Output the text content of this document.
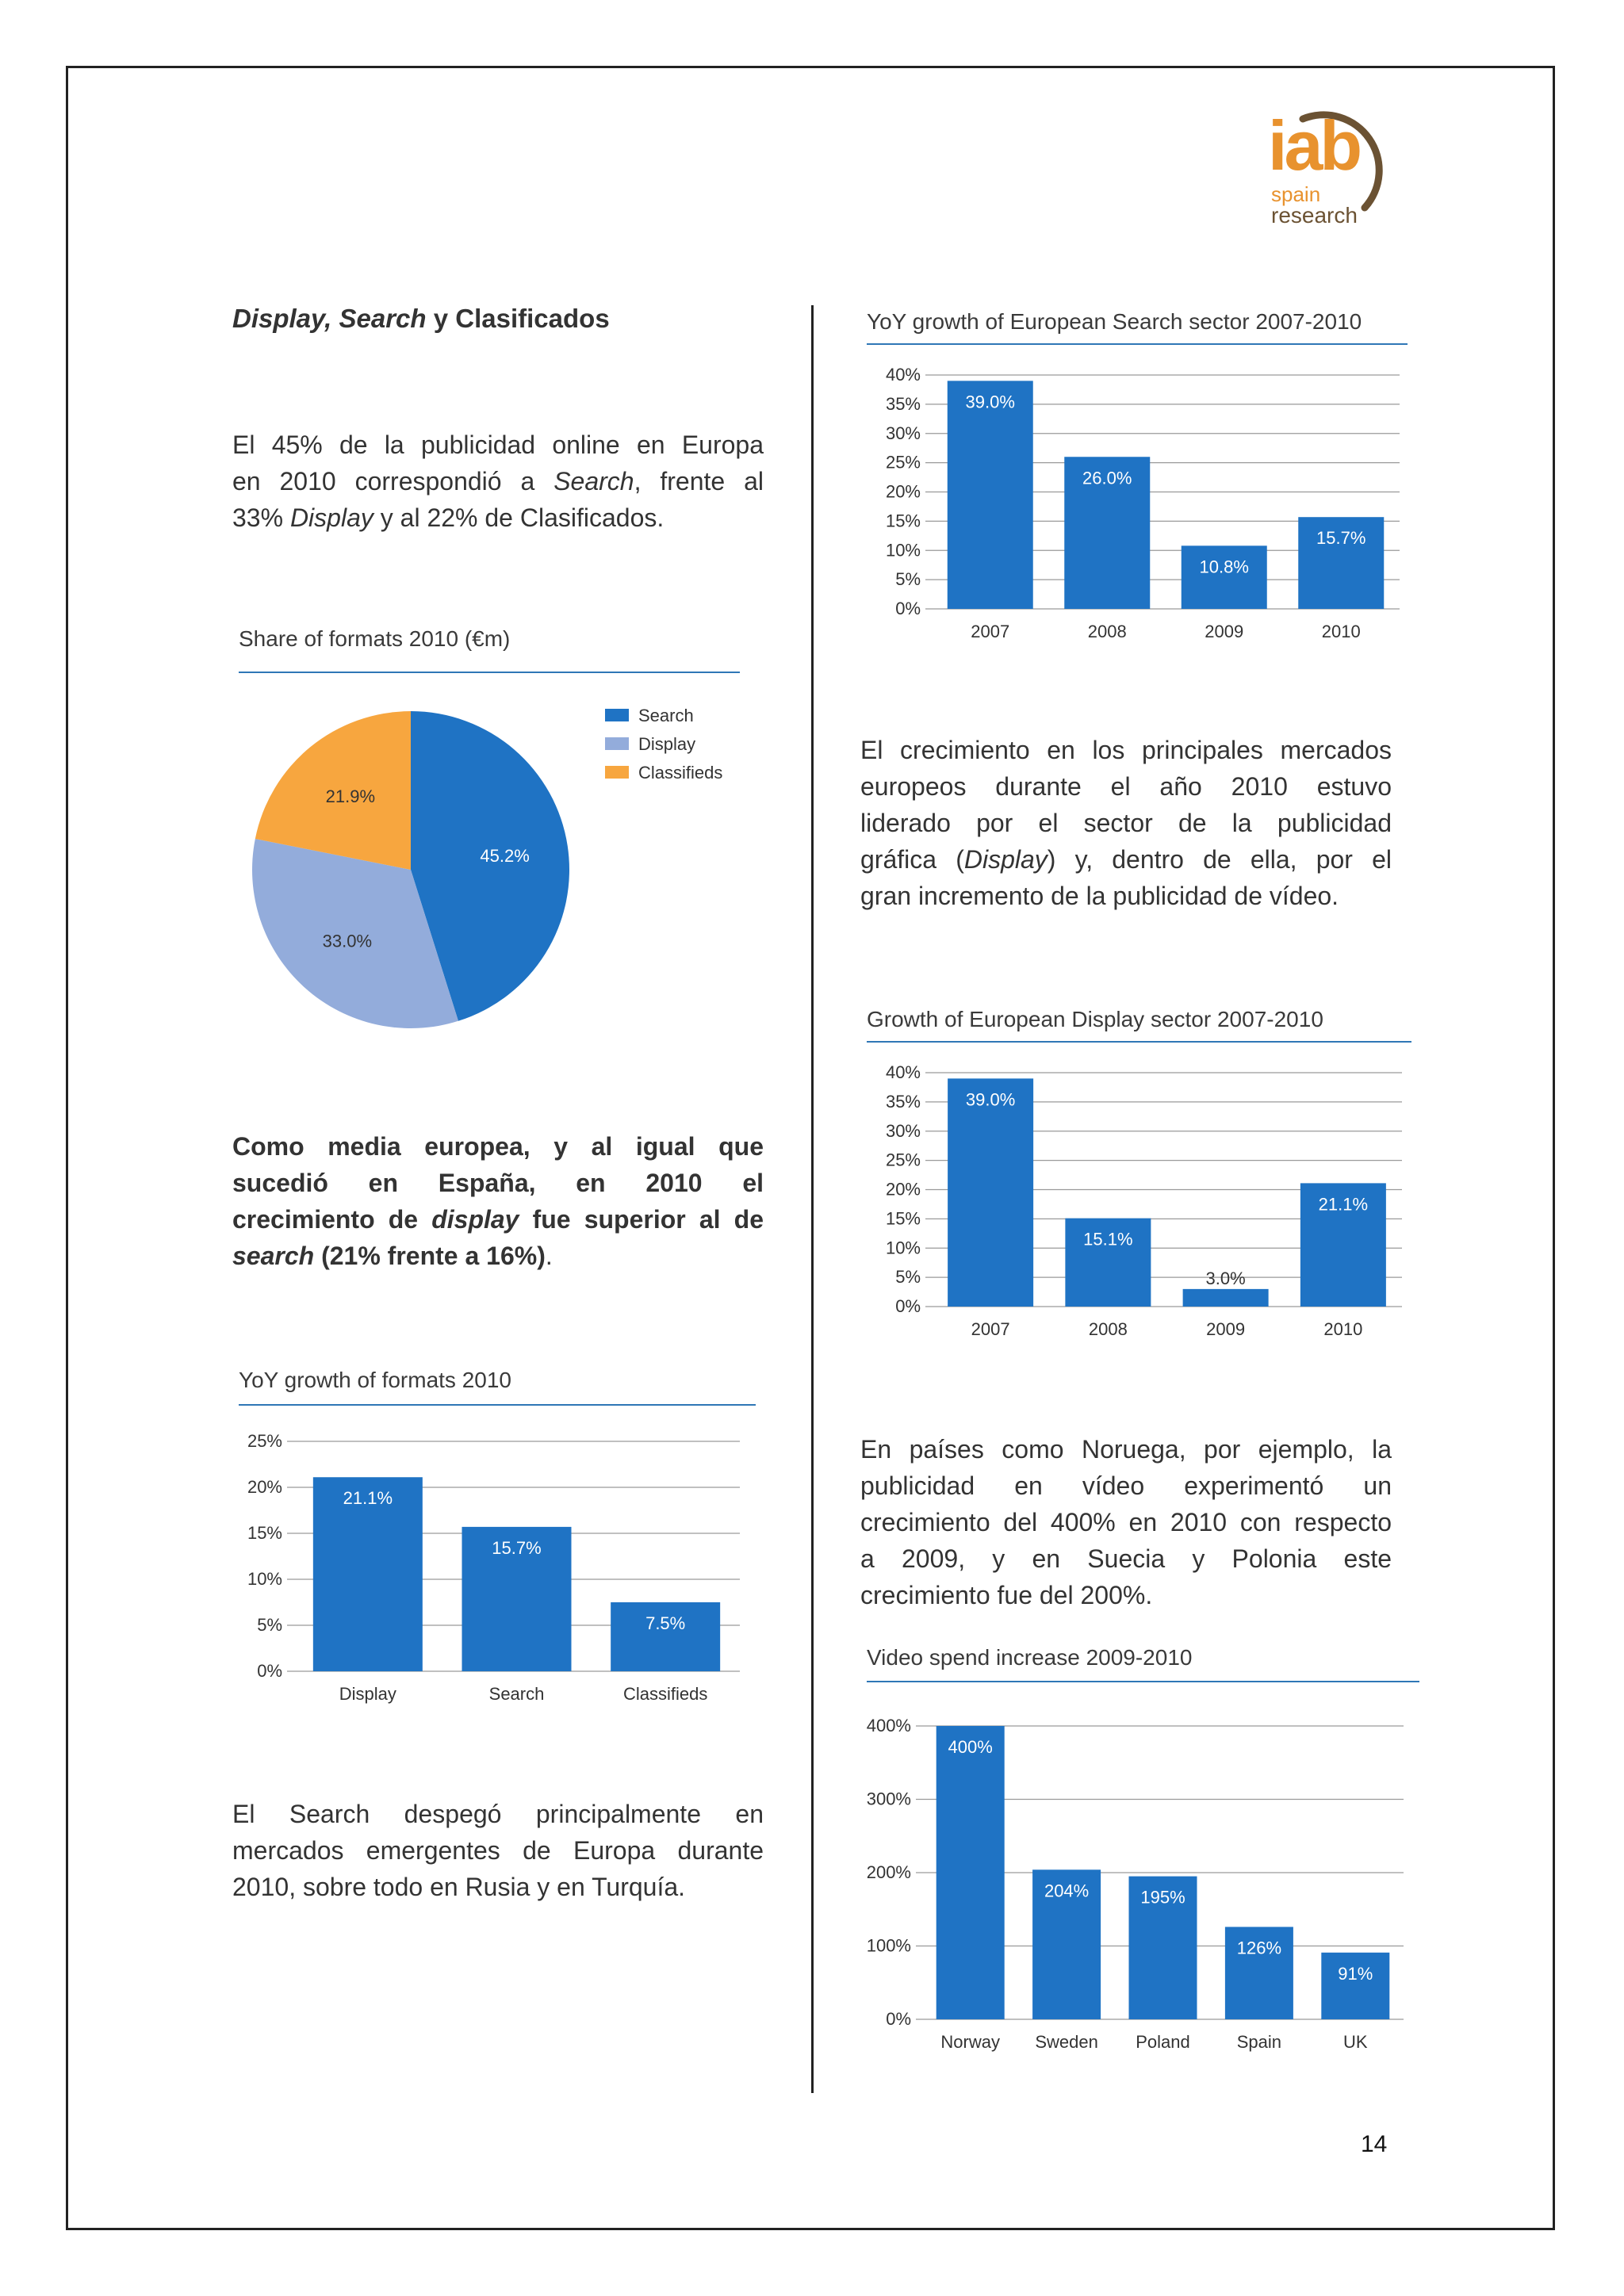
iab
spain
research
Display, Search y Clasificados
El 45% de la publicidad online en Europa
en 2010 correspondió a Search, frente al
33% Display y al 22% de Clasificados.
Share of formats 2010 (€m)
45.2%
33.0%
21.9%
Search
Display
Classifieds
Como media europea, y al igual que
sucedió en España, en 2010 el
crecimiento de display fue superior al de
search (21% frente a 16%).
YoY growth of formats 2010
0%
5%
10%
15%
20%
25%
21.1%
Display
15.7%
Search
7.5%
Classifieds
El Search despegó principalmente en
mercados emergentes de Europa durante
2010, sobre todo en Rusia y en Turquía.
YoY growth of European Search sector 2007-2010
0%
5%
10%
15%
20%
25%
30%
35%
40%
39.0%
2007
26.0%
2008
10.8%
2009
15.7%
2010
El crecimiento en los principales mercados
europeos durante el año 2010 estuvo
liderado por el sector de la publicidad
gráfica (Display) y, dentro de ella, por el
gran incremento de la publicidad de vídeo.
Growth of European Display sector 2007-2010
0%
5%
10%
15%
20%
25%
30%
35%
40%
39.0%
2007
15.1%
2008
3.0%
2009
21.1%
2010
En países como Noruega, por ejemplo, la
publicidad en vídeo experimentó un
crecimiento del 400% en 2010 con respecto
a 2009, y en Suecia y Polonia este
crecimiento fue del 200%.
Video spend increase 2009-2010
0%
100%
200%
300%
400%
400%
Norway
204%
Sweden
195%
Poland
126%
Spain
91%
UK
14
